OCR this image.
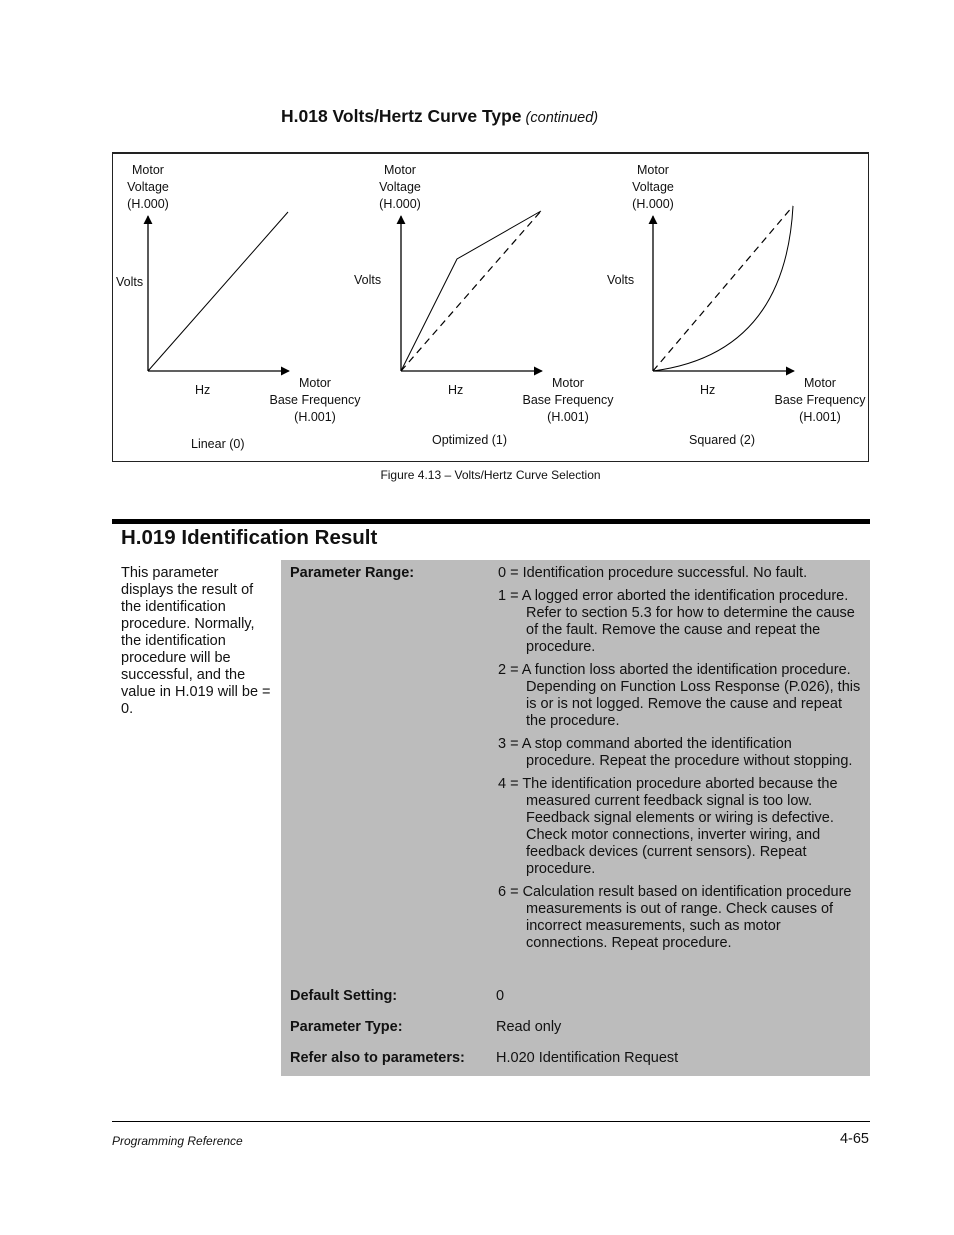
H.018 Volts/Hertz Curve Type (continued)
Motor
Voltage
(H.000)
Volts
Hz	Motor
Base Frequency
(H.001)
Linear (0)
Motor
Voltage
(H.000)
Volts
Hz	Motor
Base Frequency
(H.001)
Optimized (1)
Motor
Voltage
(H.000)
Volts
Hz	Motor
Base Frequency
(H.001)
Squared (2)
Figure 4.13 – Volts/Hertz Curve Selection
H.019 Identification Result
This parameter displays the result of the identification procedure. Normally, the identification procedure will be successful, and the value in H.019 will be = 0.
Parameter Range:	0 = Identification procedure successful. No fault.
1 = A logged error aborted the identification procedure. Refer to section 5.3 for how to determine the cause of the fault. Remove the cause and repeat the procedure.
2 = A function loss aborted the identification procedure. Depending on Function Loss Response (P.026), this is or is not logged. Remove the cause and repeat the procedure.
3 = A stop command aborted the identification procedure. Repeat the procedure without stopping.
4 = The identification procedure aborted because the measured current feedback signal is too low. Feedback signal elements or wiring is defective. Check motor connections, inverter wiring, and feedback devices (current sensors). Repeat procedure.
6 = Calculation result based on identification procedure measurements is out of range. Check causes of incorrect measurements, such as motor connections. Repeat procedure.
Default Setting:	0
Parameter Type:	Read only
Refer also to parameters: H.020 Identification Request
Programming Reference	4-65
